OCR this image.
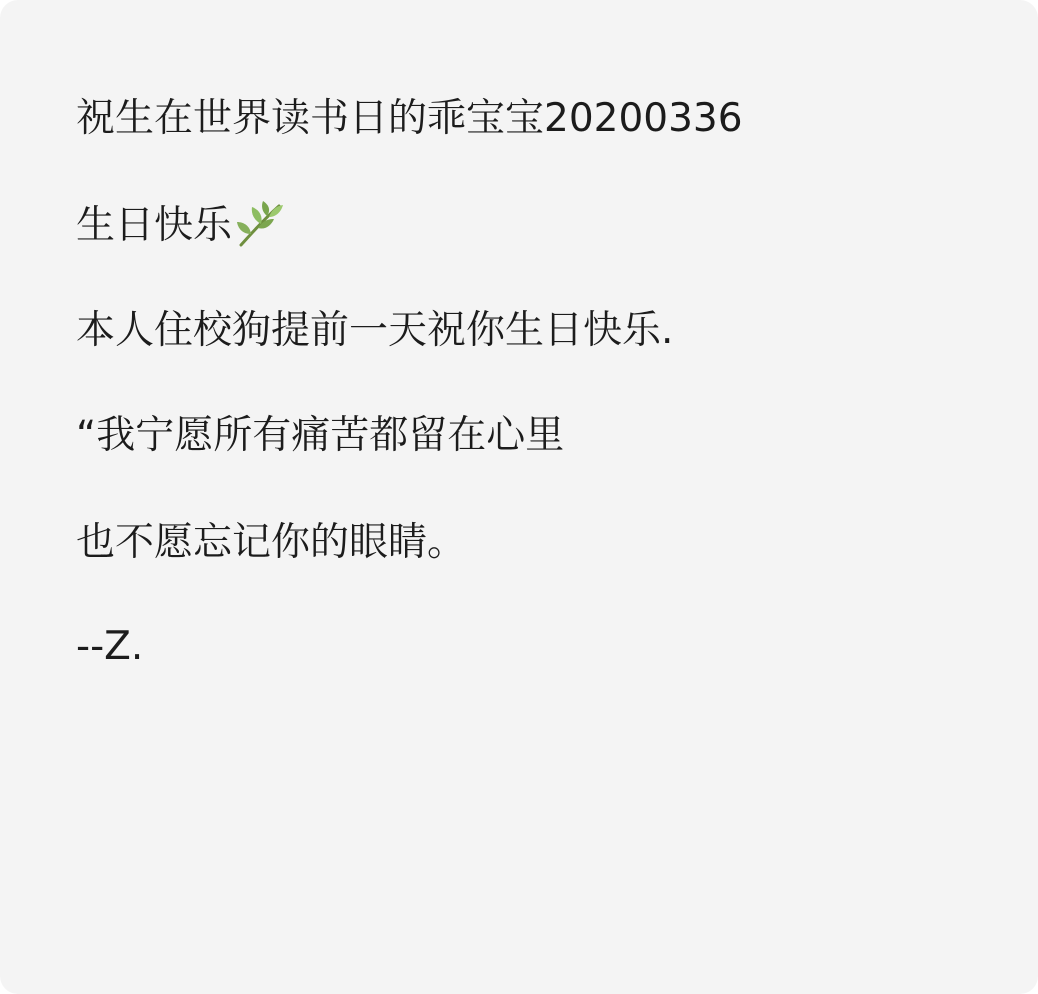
祝生在世界读书日的乖宝宝20200336

生日快乐

本人住校狗提前一天祝你生日快乐.

“我宁愿所有痛苦都留在心里

也不愿忘记你的眼睛。

--Z.
